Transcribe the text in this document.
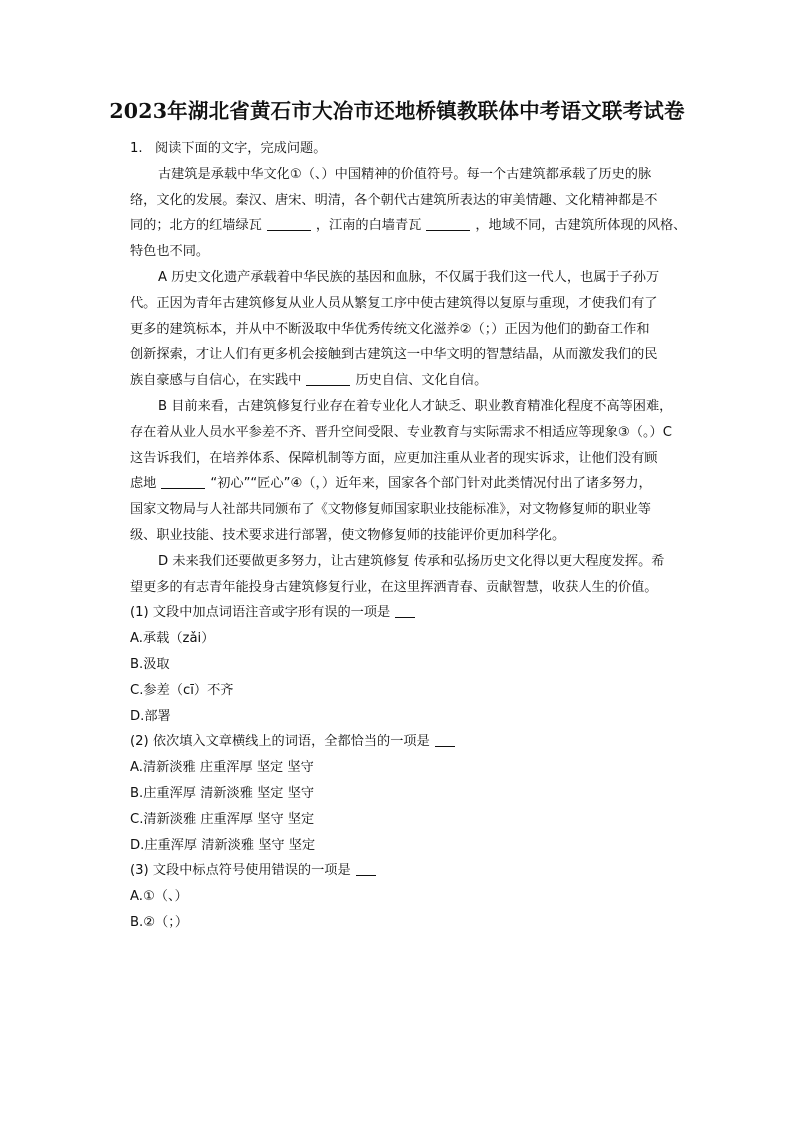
2023年湖北省黄石市大冶市还地桥镇教联体中考语文联考试卷
1. 阅读下面的文字，完成问题。
古建筑是承载中华文化①（、）中国精神的价值符号。每一个古建筑都承载了历史的脉
络，文化的发展。秦汉、唐宋、明清，各个朝代古建筑所表达的审美情趣、文化精神都是不
同的；北方的红墙绿瓦	，江南的白墙青瓦	，地域不同，古建筑所体现的风格、
特色也不同。
A 历史文化遗产承载着中华民族的基因和血脉，不仅属于我们这一代人，也属于子孙万
代。正因为青年古建筑修复从业人员从繁复工序中使古建筑得以复原与重现，才使我们有了
更多的建筑标本，并从中不断汲取中华优秀传统文化滋养②（；）正因为他们的勤奋工作和
创新探索，才让人们有更多机会接触到古建筑这一中华文明的智慧结晶，从而激发我们的民
族自豪感与自信心，在实践中	历史自信、文化自信。
B 目前来看，古建筑修复行业存在着专业化人才缺乏、职业教育精准化程度不高等困难，
存在着从业人员水平参差不齐、晋升空间受限、专业教育与实际需求不相适应等现象③（。）C
这告诉我们，在培养体系、保障机制等方面，应更加注重从业者的现实诉求，让他们没有顾
虑地	“初心”“匠心”④（，）近年来，国家各个部门针对此类情况付出了诸多努力，
国家文物局与人社部共同颁布了《文物修复师国家职业技能标准》，对文物修复师的职业等
级、职业技能、技术要求进行部署，使文物修复师的技能评价更加科学化。
D 未来我们还要做更多努力，让古建筑修复 传承和弘扬历史文化得以更大程度发挥。希
望更多的有志青年能投身古建筑修复行业，在这里挥洒青春、贡献智慧，收获人生的价值。
(1) 文段中加点词语注音或字形有误的一项是
A.承载（zǎi）
B.汲取
C.参差（cī）不齐
D.部署
(2) 依次填入文章横线上的词语，全都恰当的一项是
A.清新淡雅 庄重浑厚 坚定 坚守
B.庄重浑厚 清新淡雅 坚定 坚守
C.清新淡雅 庄重浑厚 坚守 坚定
D.庄重浑厚 清新淡雅 坚守 坚定
(3) 文段中标点符号使用错误的一项是
A.①（、）
B.②（；）
